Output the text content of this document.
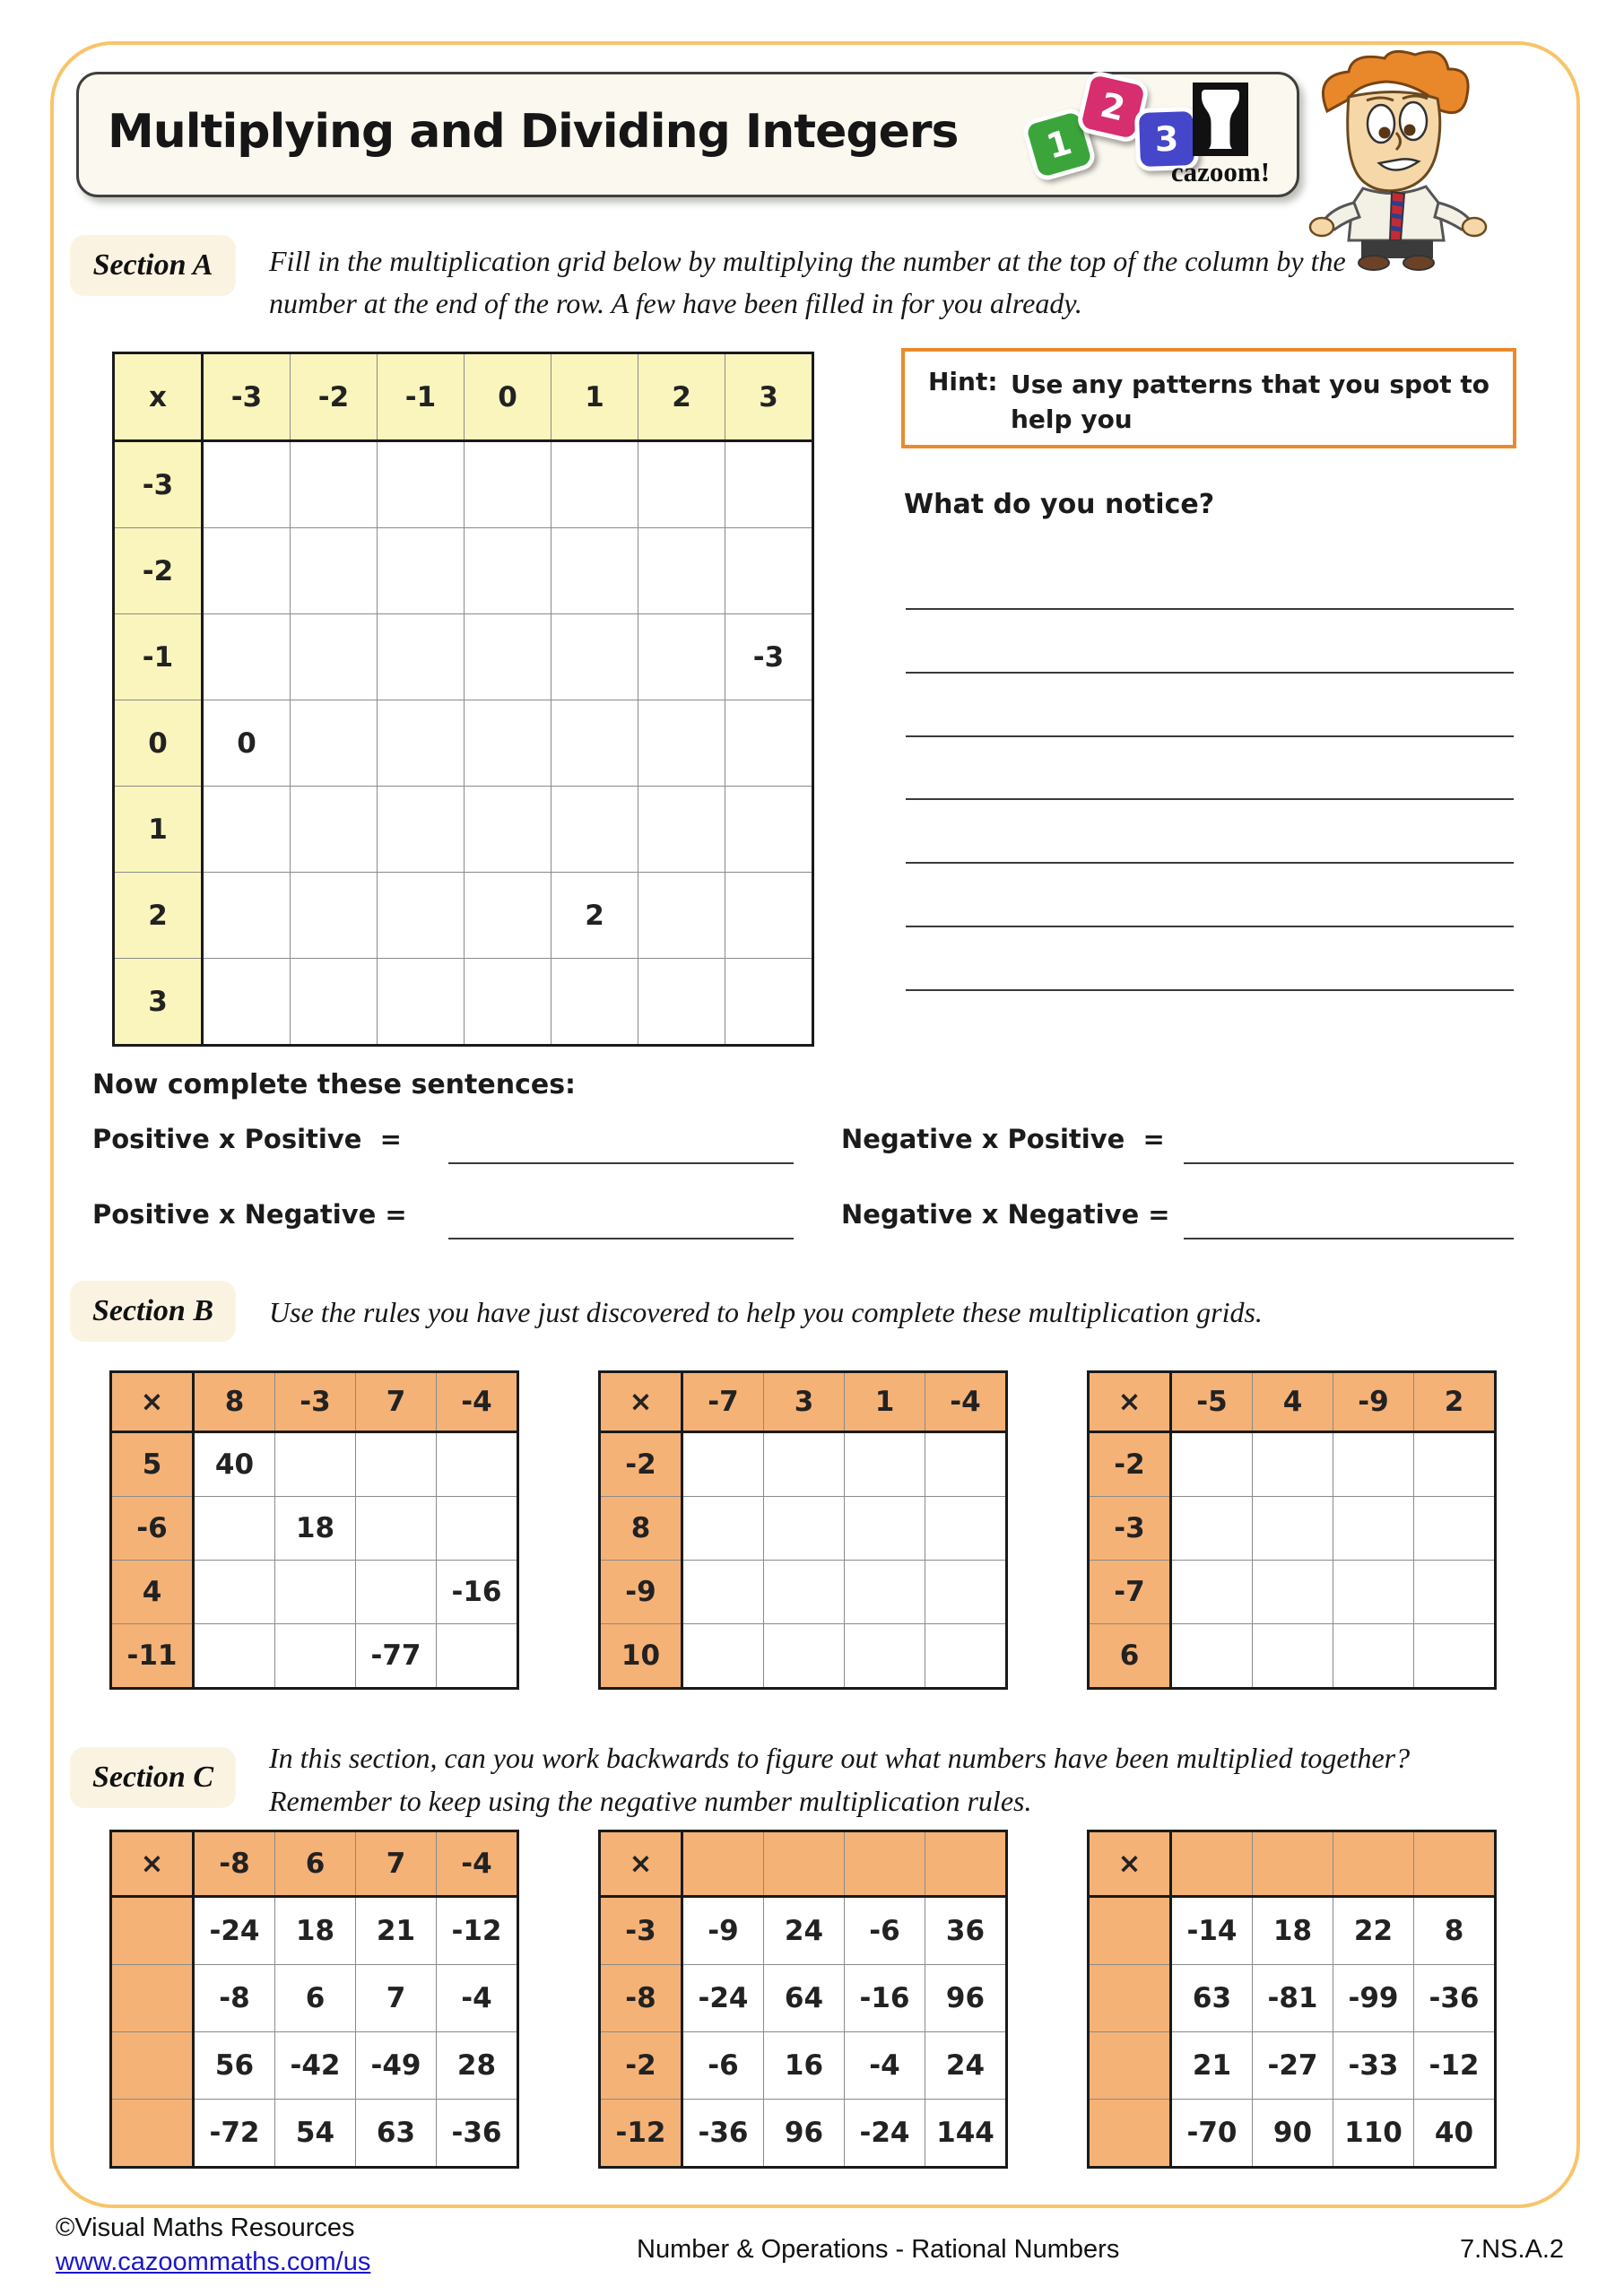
Multiplying and Dividing Integers 1
2
3
cazoom!
Section A	Fill in the multiplication grid below by multiplying the number at the top of the column by the number at the end of the row. A few have been filled in for you already.
Hint: Use any patterns that you spot to help you
What do you notice?
Now complete these sentences:
Positive x Positive  =	Negative x Positive  =
Positive x Negative =	Negative x Negative =
Section B	Use the rules you have just discovered to help you complete these multiplication grids.
Section C
In this section, can you work backwards to figure out what numbers have been multiplied together? Remember to keep using the negative number multiplication rules.
©Visual Maths Resources
www.cazoommaths.com/us	Number & Operations - Rational Numbers	7.NS.A.2
x	-3	-2	-1	0	1	2	3
-3							
-2							
-1							-3
0	0						
1							
2					2		
3							
×	8	-3	7	-4
5	40			
-6		18		
4				-16
-11			-77	
×	-7	3	1	-4
-2				
8				
-9				
10				
×	-5	4	-9	2
-2				
-3				
-7				
6				
×	-8	6	7	-4
	-24	18	21	-12
	-8	6	7	-4
	56	-42	-49	28
	-72	54	63	-36
×				
-3	-9	24	-6	36
-8	-24	64	-16	96
-2	-6	16	-4	24
-12	-36	96	-24	144
×				
	-14	18	22	8
	63	-81	-99	-36
	21	-27	-33	-12
	-70	90	110	40
